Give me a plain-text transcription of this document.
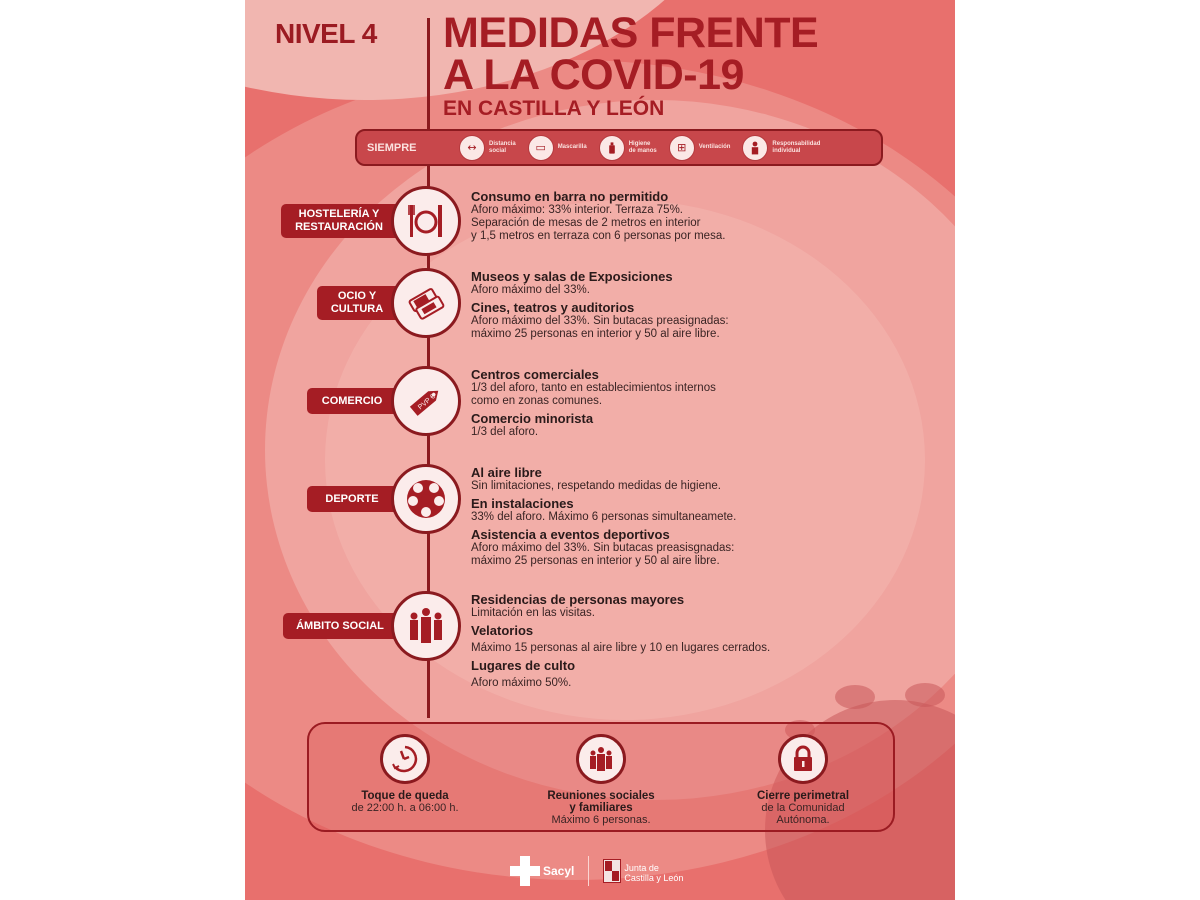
NIVEL 4 MEDIDAS FRENTE
A LA COVID-19
EN CASTILLA Y LEÓN
SIEMPRE	↔	Distancia
social	▭	Mascarilla
Higiene
de manos	⊞	Ventilación
Responsabilidad
individual
HOSTELERÍA Y
RESTAURACIÓN
Consumo en barra no permitido
Aforo máximo: 33% interior. Terraza 75%.
Separación de mesas de 2 metros en interior
y 1,5 metros en terraza con 6 personas por mesa.
OCIO Y
CULTURA
Museos y salas de Exposiciones
Aforo máximo del 33%.
Cines, teatros y auditorios
Aforo máximo del 33%. Sin butacas preasignadas:
máximo 25 personas en interior y 50 al aire libre.
COMERCIO	PVP €
Centros comerciales
1/3 del aforo, tanto en establecimientos internos
como en zonas comunes.
Comercio minorista
1/3 del aforo.
DEPORTE
Al aire libre
Sin limitaciones, respetando medidas de higiene.
En instalaciones
33% del aforo. Máximo 6 personas simultaneamete.
Asistencia a eventos deportivos
Aforo máximo del 33%. Sin butacas preasisgnadas:
máximo 25 personas en interior y 50 al aire libre.
ÁMBITO SOCIAL
Residencias de personas mayores
Limitación en las visitas.
Velatorios
Máximo 15 personas al aire libre y 10 en lugares cerrados.
Lugares de culto
Aforo máximo 50%.
Toque de queda
de 22:00 h. a 06:00 h.
Reuniones sociales
y familiares
Máximo 6 personas.
Cierre perimetral
de la Comunidad
Autónoma.
Sacyl	Junta de
Castilla y León
